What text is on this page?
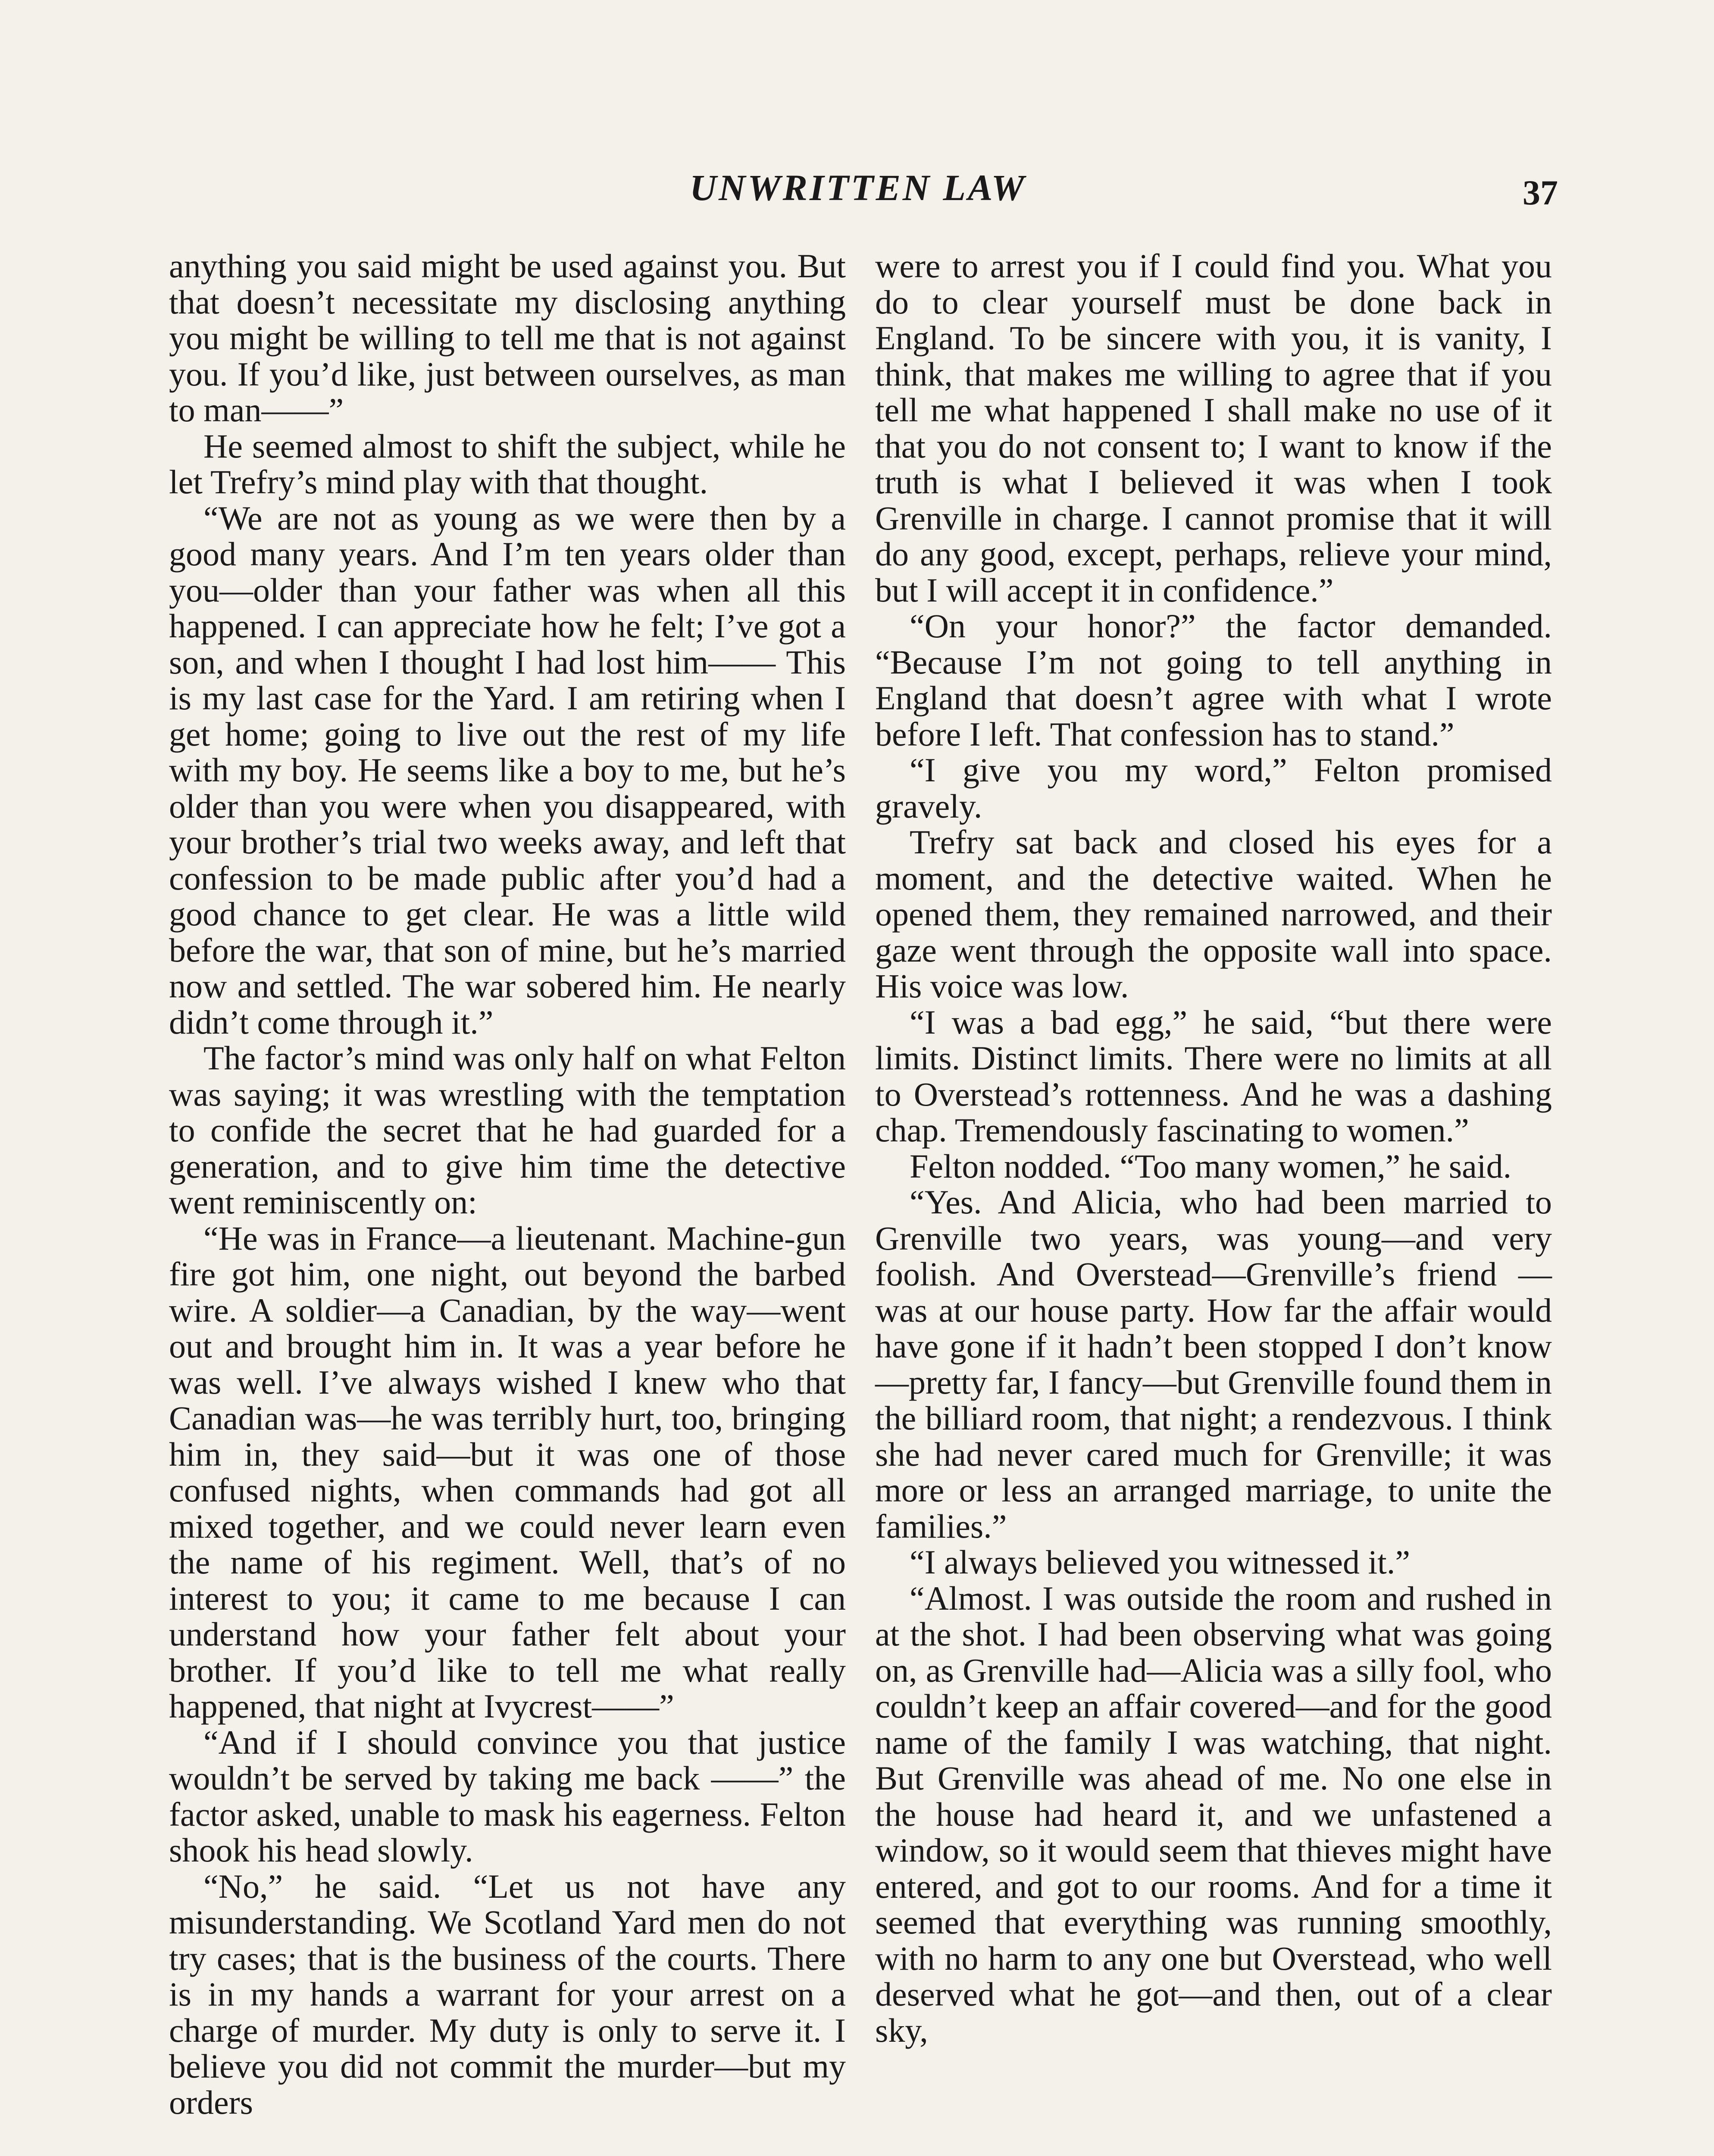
UNWRITTEN LAW	37

anything you said might be used against you. But that doesn’t necessitate my disclosing anything you might be willing to tell me that is not against you. If you’d like, just between ourselves, as man to man——”

He seemed almost to shift the subject, while he let Trefry’s mind play with that thought.

“We are not as young as we were then by a good many years. And I’m ten years older than you—older than your father was when all this happened. I can appreciate how he felt; I’ve got a son, and when I thought I had lost him—— This is my last case for the Yard. I am retiring when I get home; going to live out the rest of my life with my boy. He seems like a boy to me, but he’s older than you were when you disappeared, with your brother’s trial two weeks away, and left that confession to be made public after you’d had a good chance to get clear. He was a little wild before the war, that son of mine, but he’s married now and settled. The war sobered him. He nearly didn’t come through it.”

The factor’s mind was only half on what Felton was saying; it was wrestling with the temptation to confide the secret that he had guarded for a generation, and to give him time the detective went reminiscently on:

“He was in France—a lieutenant. Machine-gun fire got him, one night, out beyond the barbed wire. A soldier—a Canadian, by the way—went out and brought him in. It was a year before he was well. I’ve always wished I knew who that Canadian was—he was terribly hurt, too, bringing him in, they said—but it was one of those confused nights, when commands had got all mixed together, and we could never learn even the name of his regiment. Well, that’s of no interest to you; it came to me because I can understand how your father felt about your brother. If you’d like to tell me what really happened, that night at Ivycrest——”

“And if I should convince you that justice wouldn’t be served by taking me back ——” the factor asked, unable to mask his eagerness. Felton shook his head slowly.

“No,” he said. “Let us not have any misunderstanding. We Scotland Yard men do not try cases; that is the business of the courts. There is in my hands a warrant for your arrest on a charge of murder. My duty is only to serve it. I believe you did not commit the murder—but my orders

were to arrest you if I could find you. What you do to clear yourself must be done back in England. To be sincere with you, it is vanity, I think, that makes me willing to agree that if you tell me what happened I shall make no use of it that you do not consent to; I want to know if the truth is what I believed it was when I took Grenville in charge. I cannot promise that it will do any good, except, perhaps, relieve your mind, but I will accept it in confidence.”

“On your honor?” the factor demanded. “Because I’m not going to tell anything in England that doesn’t agree with what I wrote before I left. That confession has to stand.”

“I give you my word,” Felton promised gravely.

Trefry sat back and closed his eyes for a moment, and the detective waited. When he opened them, they remained narrowed, and their gaze went through the opposite wall into space. His voice was low.

“I was a bad egg,” he said, “but there were limits. Distinct limits. There were no limits at all to Overstead’s rottenness. And he was a dashing chap. Tremendously fascinating to women.”

Felton nodded. “Too many women,” he said.

“Yes. And Alicia, who had been married to Grenville two years, was young—and very foolish. And Overstead—Grenville’s friend —was at our house party. How far the affair would have gone if it hadn’t been stopped I don’t know—pretty far, I fancy—but Grenville found them in the billiard room, that night; a rendezvous. I think she had never cared much for Grenville; it was more or less an arranged marriage, to unite the families.”

“I always believed you witnessed it.”

“Almost. I was outside the room and rushed in at the shot. I had been observing what was going on, as Grenville had—Alicia was a silly fool, who couldn’t keep an affair covered—and for the good name of the family I was watching, that night. But Grenville was ahead of me. No one else in the house had heard it, and we unfastened a window, so it would seem that thieves might have entered, and got to our rooms. And for a time it seemed that everything was running smoothly, with no harm to any one but Overstead, who well deserved what he got—and then, out of a clear sky,
